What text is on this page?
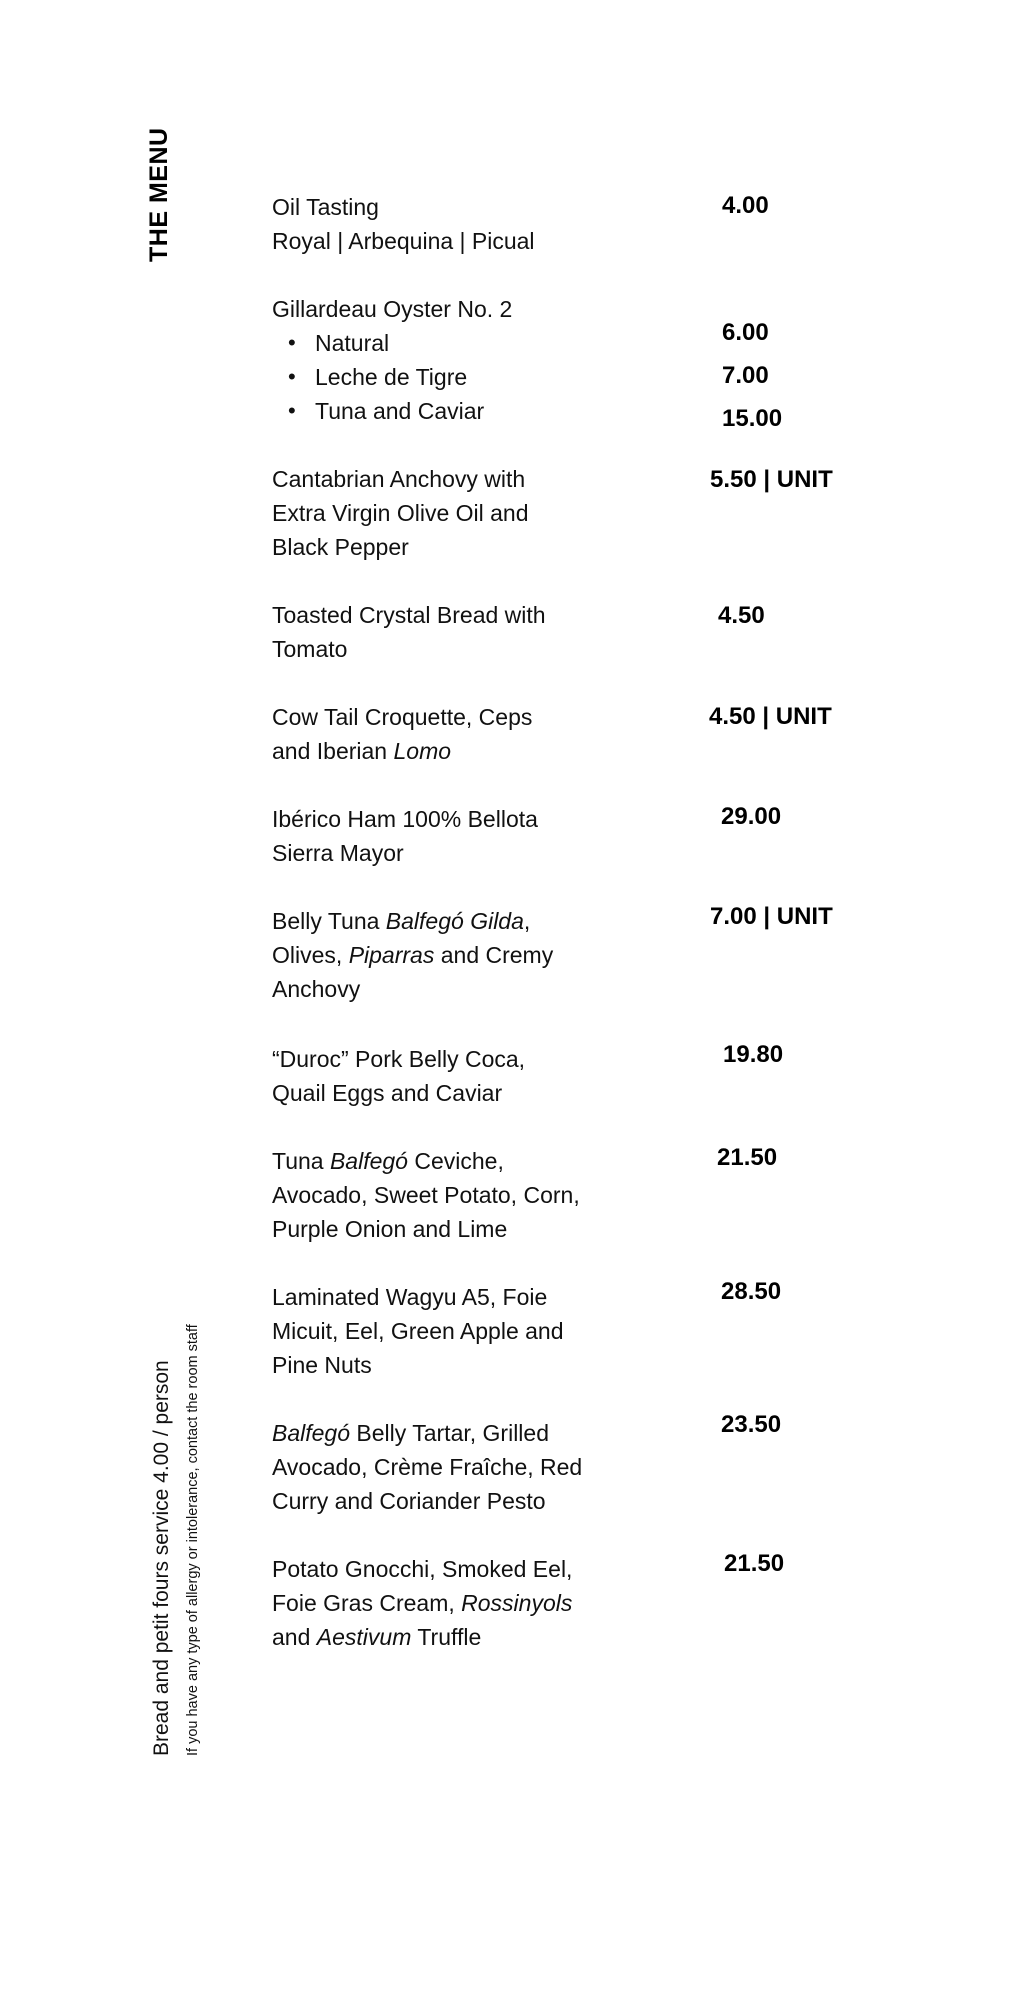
THE MENU
Bread and petit fours service 4.00 / person If you have any type of allergy or intolerance, contact the room staff
Oil Tasting
Royal | Arbequina | Picual
4.00
6.00
7.00
15.00
Gillardeau Oyster No. 2
• Natural
• Leche de Tigre
• Tuna and Caviar
Cantabrian Anchovy with
Extra Virgin Olive Oil and
Black Pepper
5.50 | UNIT
Toasted Crystal Bread with
Tomato
4.50
Cow Tail Croquette, Ceps
and Iberian Lomo
4.50 | UNIT
Ibérico Ham 100% Bellota
Sierra Mayor
29.00
Belly Tuna Balfegó Gilda,
Olives, Piparras and Cremy
Anchovy
7.00 | UNIT
“Duroc” Pork Belly Coca,
Quail Eggs and Caviar
19.80
Tuna Balfegó Ceviche,
Avocado, Sweet Potato, Corn,
Purple Onion and Lime
21.50
Laminated Wagyu A5, Foie
Micuit, Eel, Green Apple and
Pine Nuts
28.50
Balfegó Belly Tartar, Grilled
Avocado, Crème Fraîche, Red
Curry and Coriander Pesto
23.50
Potato Gnocchi, Smoked Eel,
Foie Gras Cream, Rossinyols
and Aestivum Truffle
21.50
